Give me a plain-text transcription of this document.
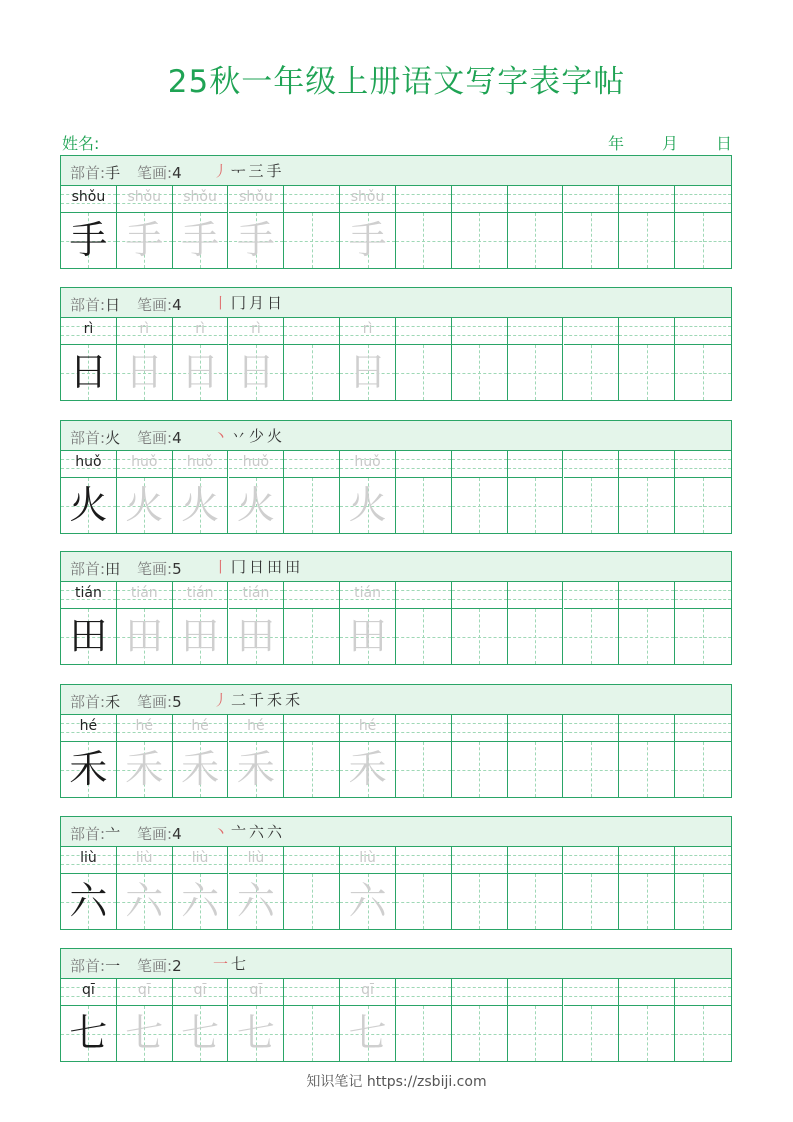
25秋一年级上册语文写字表字帖
姓名:	年 月 日
部首:手 笔画:4 丿ᅮ三手
shǒu
手
shǒu
手
shǒu
手
shǒu
手
shǒu
手
部首:日 笔画:4 丨冂月日
rì
日
rì
日
rì
日
rì
日
rì
日
部首:火 笔画:4 丶丷少火
huǒ
火
huǒ
火
huǒ
火
huǒ
火
huǒ
火
部首:田 笔画:5 丨冂日田田
tián
田
tián
田
tián
田
tián
田
tián
田
部首:禾 笔画:5 丿二千禾禾
hé
禾
hé
禾
hé
禾
hé
禾
hé
禾
部首:亠 笔画:4 丶亠六六
liù
六
liù
六
liù
六
liù
六
liù
六
部首:一 笔画:2 一七
qī
七
qī
七
qī
七
qī
七
qī
七
知识笔记 https://zsbiji.com
